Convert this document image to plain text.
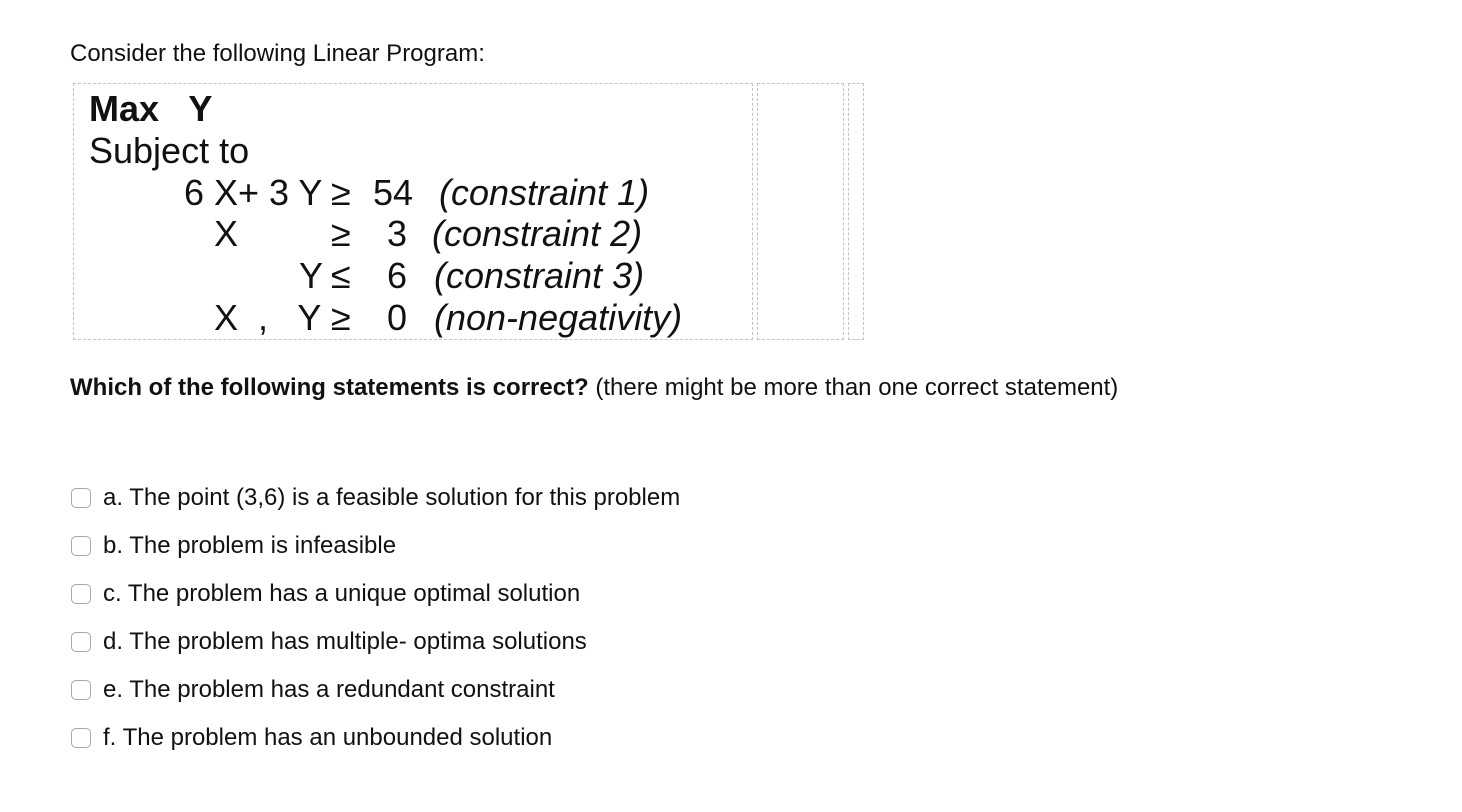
Consider the following Linear Program:

Max   Y
Subject to
6 X+ 3 Y ≥ 54 (constraint 1)
X	≥ 3 (constraint 2)
Y ≤ 6 (constraint 3)
X  ,   Y ≥ 0 (non-negativity)

Which of the following statements is correct? (there might be more than one correct statement)

a. The point (3,6) is a feasible solution for this problem
b. The problem is infeasible
c. The problem has a unique optimal solution
d. The problem has multiple- optima solutions
e. The problem has a redundant constraint
f. The problem has an unbounded solution
